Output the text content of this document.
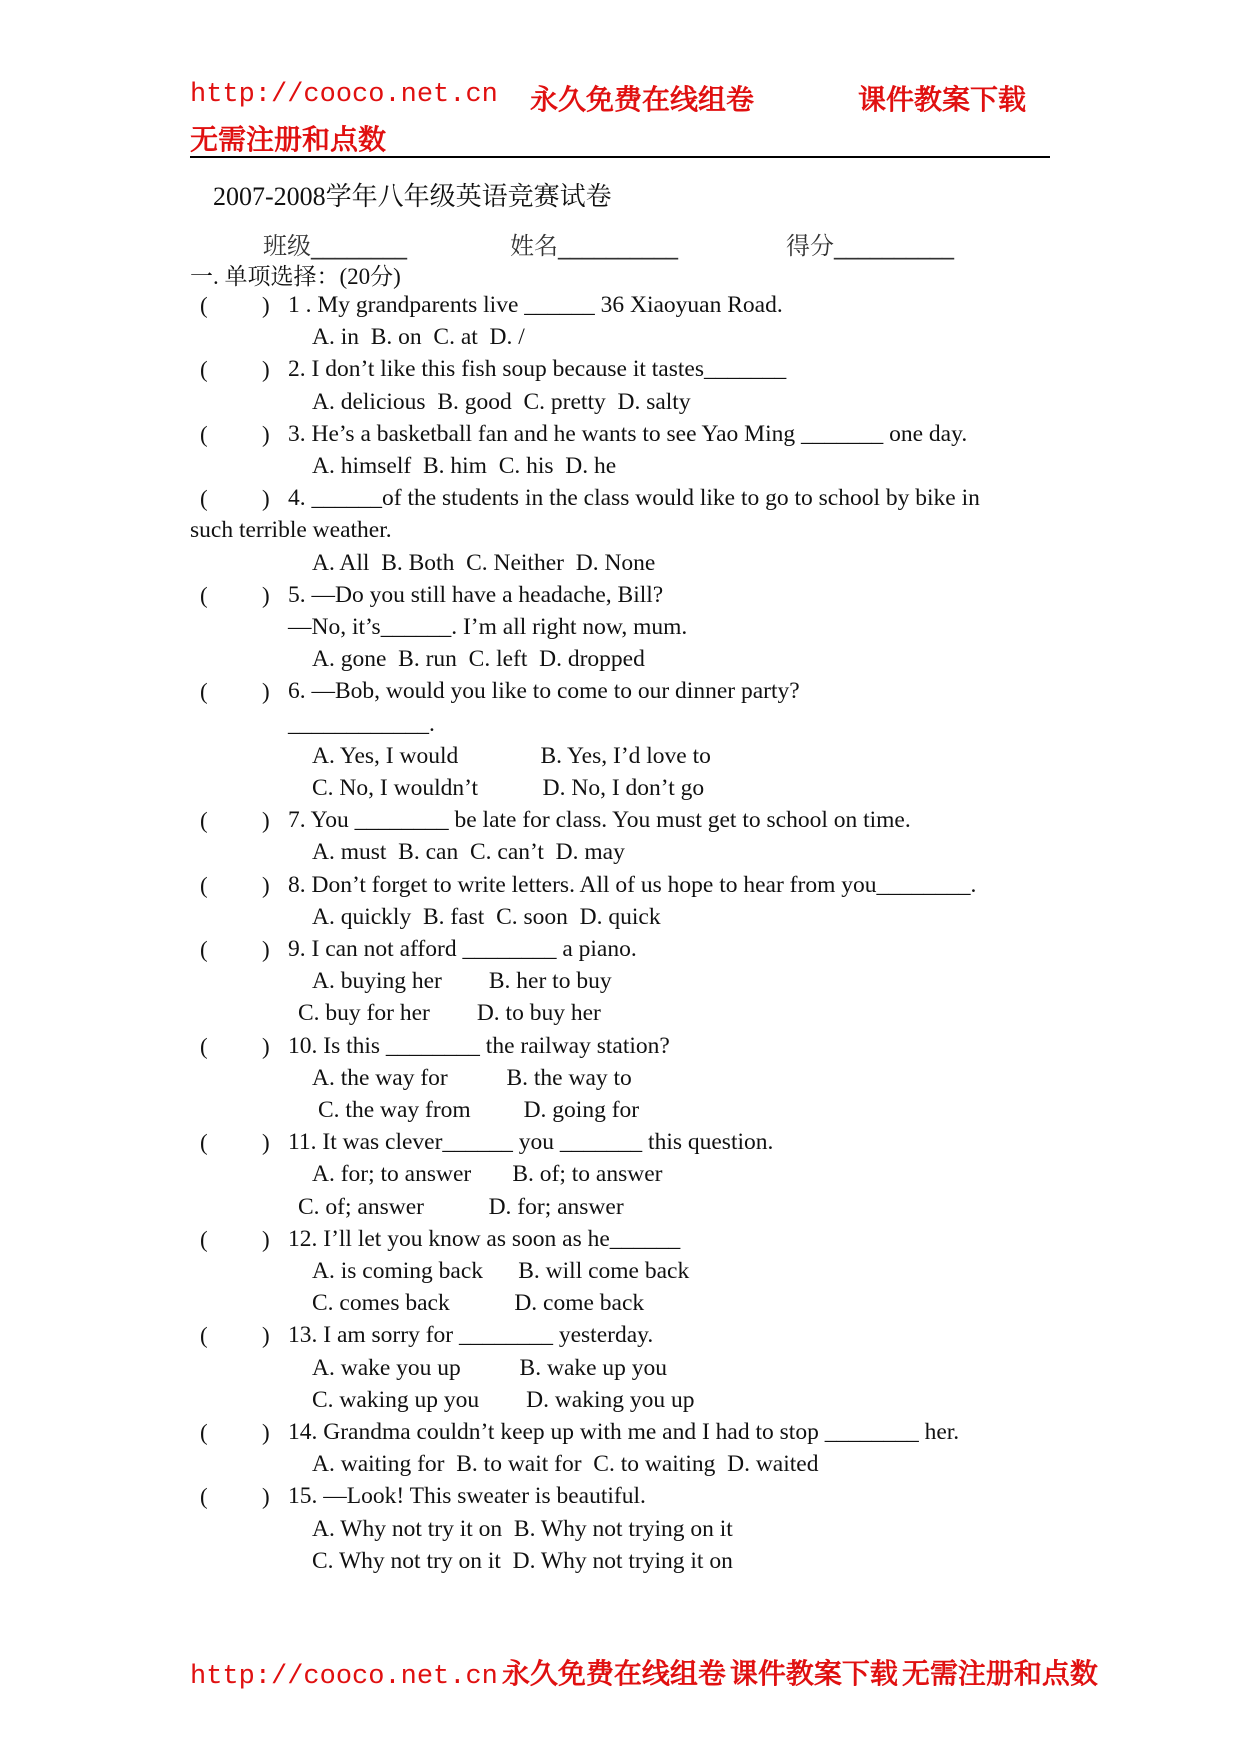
http://cooco.net.cn 永久免费在线组卷	课件教案下载
无需注册和点数
2007-2008学年八年级英语竞赛试卷
班级________	姓名__________	得分__________
一. 单项选择：(20分)
( ) 1 . My grandparents live ______ 36 Xiaoyuan Road.
A. in  B. on  C. at  D. /
( ) 2. I don’t like this fish soup because it tastes_______
A. delicious  B. good  C. pretty  D. salty
( ) 3. He’s a basketball fan and he wants to see Yao Ming _______ one day.
A. himself  B. him  C. his  D. he
( ) 4. ______of the students in the class would like to go to school by bike in
such terrible weather.
A. All  B. Both  C. Neither  D. None
( ) 5. —Do you still have a headache, Bill?
—No, it’s______. I’m all right now, mum.
A. gone  B. run  C. left  D. dropped
( ) 6. —Bob, would you like to come to our dinner party?
____________.
A. Yes, I would              B. Yes, I’d love to
C. No, I wouldn’t           D. No, I don’t go
( ) 7. You ________ be late for class. You must get to school on time.
A. must  B. can  C. can’t  D. may
( ) 8. Don’t forget to write letters. All of us hope to hear from you________.
A. quickly  B. fast  C. soon  D. quick
( ) 9. I can not afford ________ a piano.
A. buying her        B. her to buy
C. buy for her        D. to buy her
( ) 10. Is this ________ the railway station?
A. the way for          B. the way to
C. the way from         D. going for
( ) 11. It was clever______ you _______ this question.
A. for; to answer       B. of; to answer
C. of; answer           D. for; answer
( ) 12. I’ll let you know as soon as he______
A. is coming back      B. will come back
C. comes back           D. come back
( ) 13. I am sorry for ________ yesterday.
A. wake you up          B. wake up you
C. waking up you        D. waking you up
( ) 14. Grandma couldn’t keep up with me and I had to stop ________ her.
A. waiting for  B. to wait for  C. to waiting  D. waited
( ) 15. —Look! This sweater is beautiful.
A. Why not try it on  B. Why not trying on it
C. Why not try on it  D. Why not trying it on
http://cooco.net.cn 永久免费在线组卷 课件教案下载 无需注册和点数
